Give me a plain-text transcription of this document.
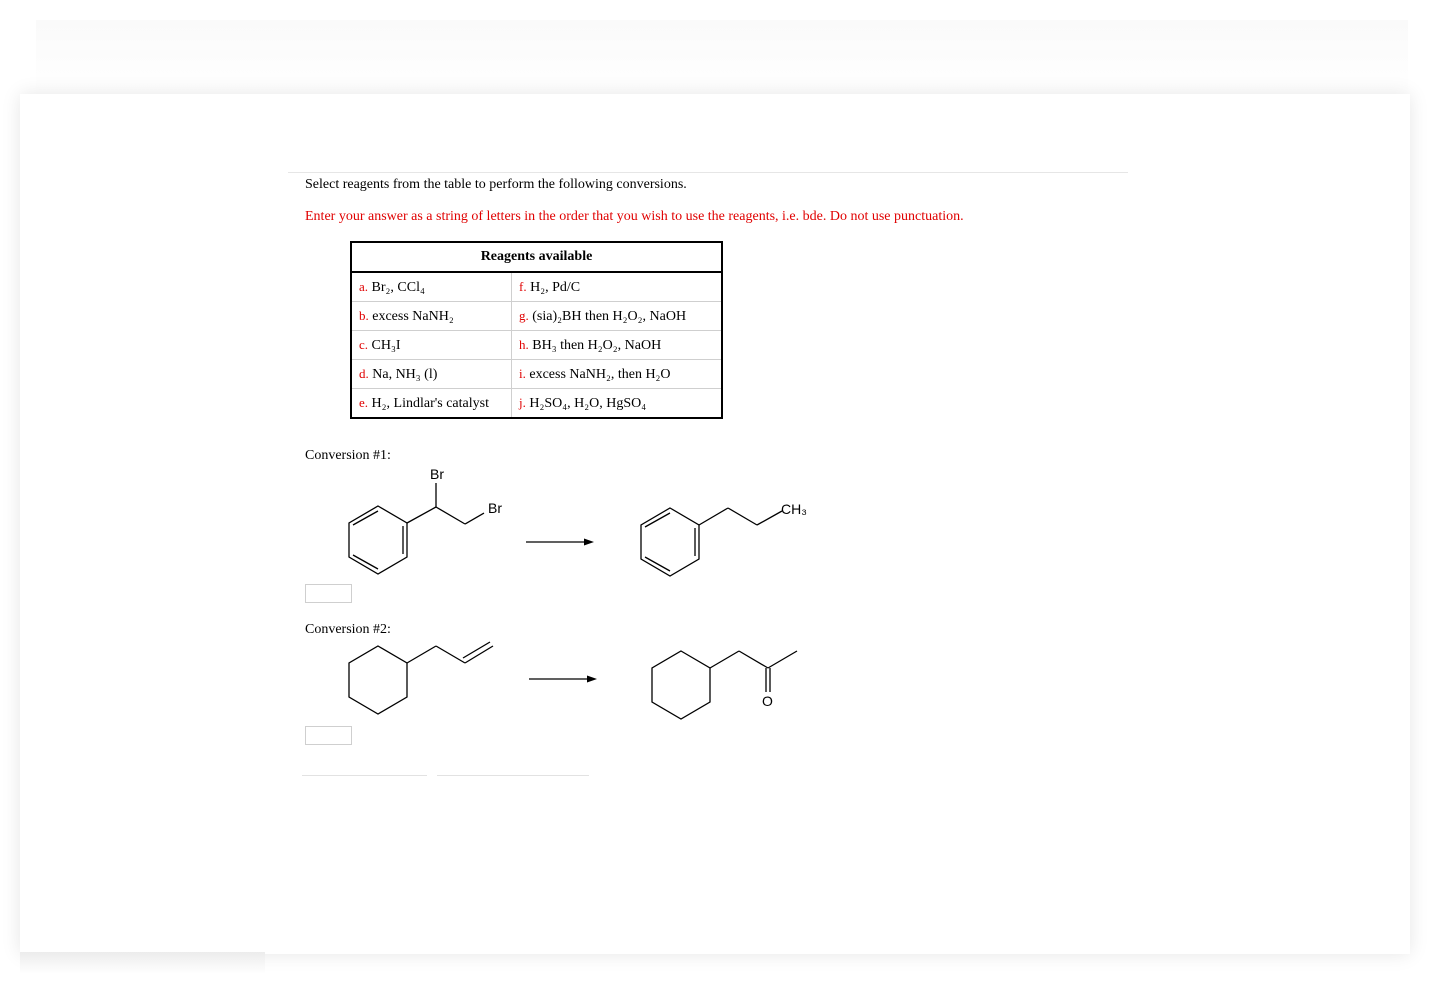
Select reagents from the table to perform the following conversions.
Enter your answer as a string of letters in the order that you wish to use the reagents, i.e. bde. Do not use punctuation.
Reagents available	
a. Br₂, CCl₄	f. H₂, Pd/C
b. excess NaNH₂	g. (sia)₂BH then H₂O₂, NaOH
c. CH₃I	h. BH₃ then H₂O₂, NaOH
d. Na, NH₃ (l)	i. excess NaNH₂, then H₂O
e. H₂, Lindlar's catalyst	j. H₂SO₄, H₂O, HgSO₄
Conversion #1:
Br
Br	CH₃
Conversion #2:
O
